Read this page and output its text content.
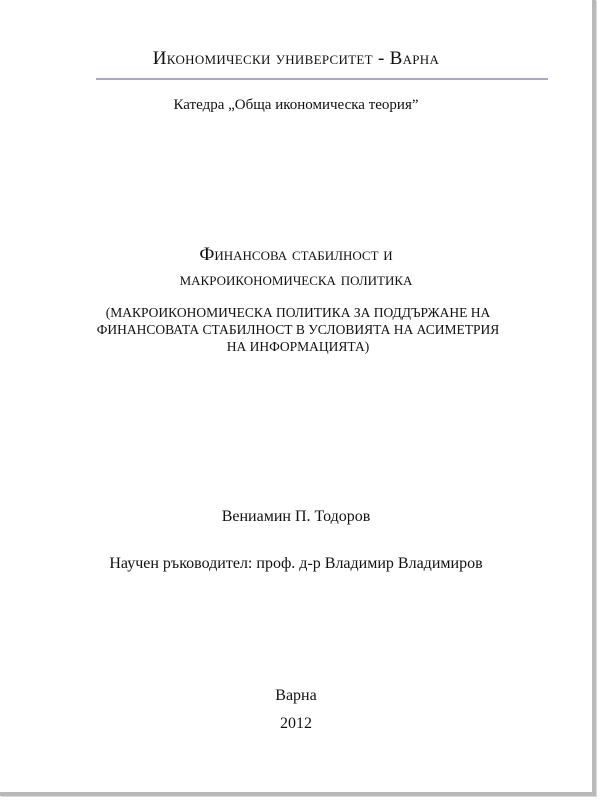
Икономически университет - Варна
Катедра „Обща икономическа теория”
Финансова стабилност и
макроикономическа политика
(МАКРОИКОНОМИЧЕСКА ПОЛИТИКА ЗА ПОДДЪРЖАНЕ НА
ФИНАНСОВАТА СТАБИЛНОСТ В УСЛОВИЯТА НА АСИМЕТРИЯ
НА ИНФОРМАЦИЯТА)
Вениамин П. Тодоров
Научен ръководител: проф. д-р Владимир Владимиров
Варна
2012
